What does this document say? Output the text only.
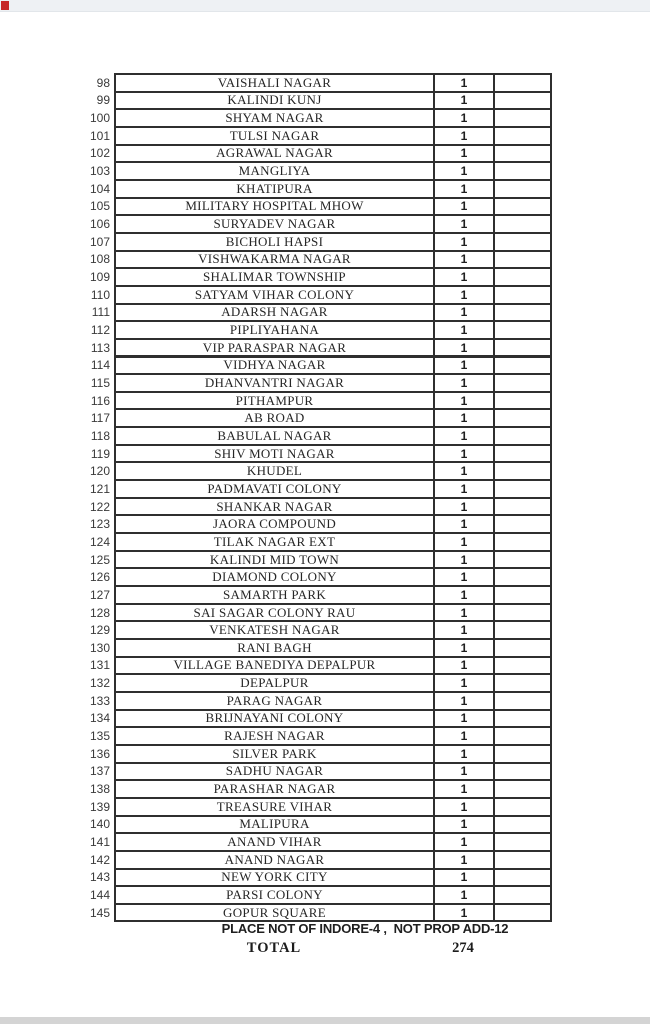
98	VAISHALI NAGAR	1
99	KALINDI KUNJ	1
100	SHYAM NAGAR	1
101	TULSI NAGAR	1
102	AGRAWAL NAGAR	1
103	MANGLIYA	1
104	KHATIPURA	1
105	MILITARY HOSPITAL MHOW	1
106	SURYADEV NAGAR	1
107	BICHOLI HAPSI	1
108	VISHWAKARMA NAGAR	1
109	SHALIMAR TOWNSHIP	1
110	SATYAM VIHAR COLONY	1
111	ADARSH NAGAR	1
112	PIPLIYAHANA	1
113	VIP PARASPAR NAGAR	1
114	VIDHYA NAGAR	1
115	DHANVANTRI NAGAR	1
116	PITHAMPUR	1
117	AB ROAD	1
118	BABULAL NAGAR	1
119	SHIV MOTI NAGAR	1
120	KHUDEL	1
121	PADMAVATI COLONY	1
122	SHANKAR NAGAR	1
123	JAORA COMPOUND	1
124	TILAK NAGAR EXT	1
125	KALINDI MID TOWN	1
126	DIAMOND COLONY	1
127	SAMARTH PARK	1
128	SAI SAGAR COLONY RAU	1
129	VENKATESH NAGAR	1
130	RANI BAGH	1
131	VILLAGE BANEDIYA DEPALPUR	1
132	DEPALPUR	1
133	PARAG NAGAR	1
134	BRIJNAYANI COLONY	1
135	RAJESH NAGAR	1
136	SILVER PARK	1
137	SADHU NAGAR	1
138	PARASHAR NAGAR	1
139	TREASURE VIHAR	1
140	MALIPURA	1
141	ANAND VIHAR	1
142	ANAND NAGAR	1
143	NEW YORK CITY	1
144	PARSI COLONY	1
145	GOPUR SQUARE	1
PLACE NOT OF INDORE-4 ,  NOT PROP ADD-12
TOTAL	274
